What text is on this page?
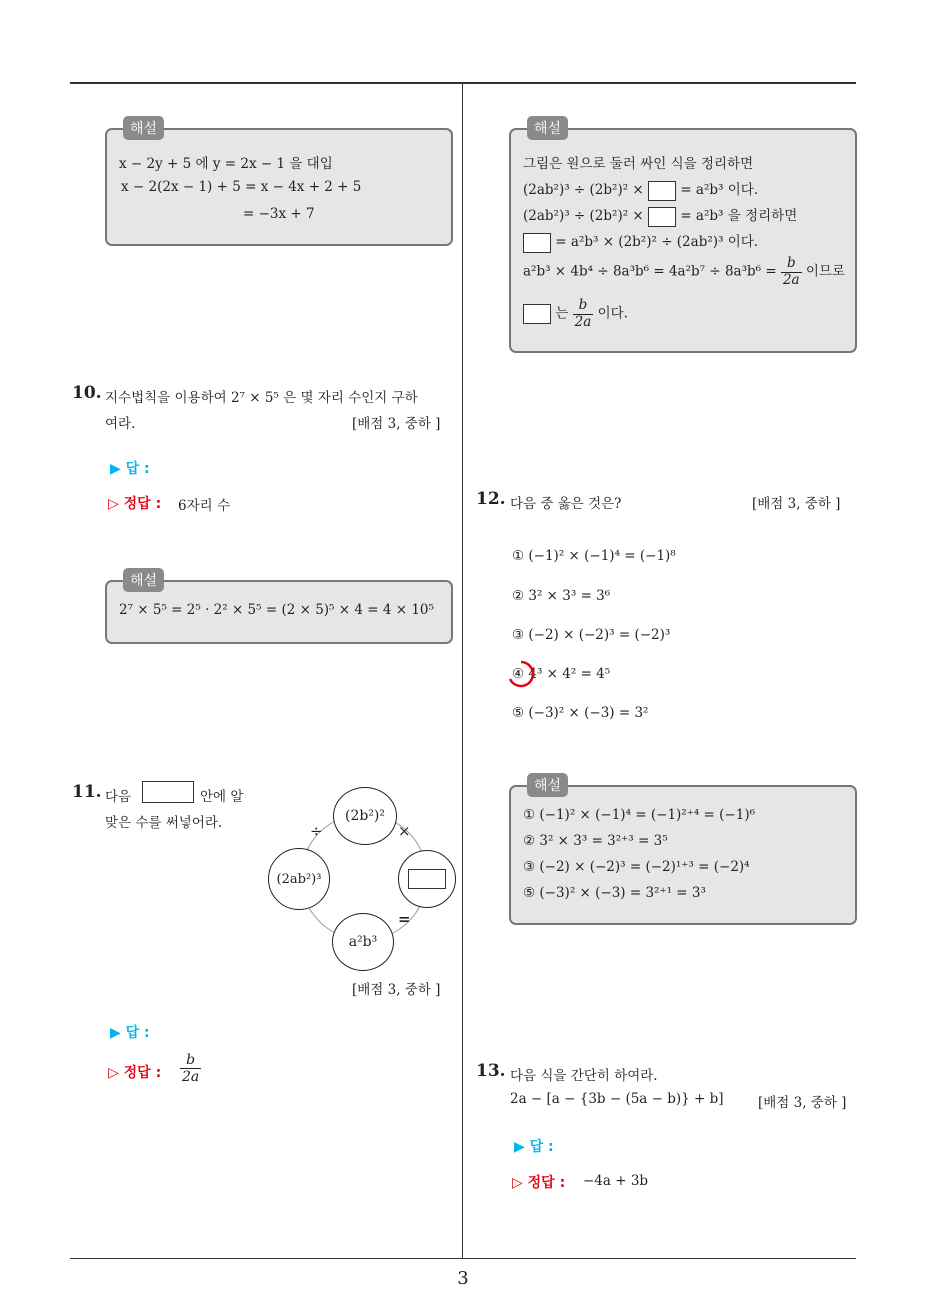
3
해설
x − 2y + 5 에 y = 2x − 1 을 대입
x − 2(2x − 1) + 5 = x − 4x + 2 + 5
= −3x + 7
10. 지수법칙을 이용하여 2⁷ × 5⁵ 은 몇 자리 수인지 구하
여라.	[배점 3, 중하 ]
▶ 답 :
▷ 정답 : 6자리 수
해설
2⁷ × 5⁵ = 2⁵ · 2² × 5⁵ = (2 × 5)⁵ × 4 = 4 × 10⁵
11. 다음	안에 알
맞은 수를 써넣어라.	(2b²)²
(2ab²)³
a²b³
÷	×
=
[배점 3, 중하 ]
▶ 답 :
▷ 정답 : $\frac{b}{2a}$
해설
그림은 원으로 둘러 싸인 식을 정리하면
(2ab²)³ ÷ (2b²)² ×	= a²b³ 이다.
(2ab²)³ ÷ (2b²)² ×	= a²b³ 을 정리하면
= a²b³ × (2b²)² ÷ (2ab²)³ 이다.
$a^2b^3 \times 4b^4 \div 8a^3b^6 = 4a^2b^7 \div 8a^3b^6 = \frac{b}{2a}$ 이므로
는 $\frac{b}{2a}$ 이다.
12. 다음 중 옳은 것은?	[배점 3, 중하 ]
① (−1)² × (−1)⁴ = (−1)⁸
② 3² × 3³ = 3⁶
③ (−2) × (−2)³ = (−2)³
④ 4³ × 4² = 4⁵
⑤ (−3)² × (−3) = 3²
해설
① (−1)² × (−1)⁴ = (−1)²⁺⁴ = (−1)⁶
② 3² × 3³ = 3²⁺³ = 3⁵
③ (−2) × (−2)³ = (−2)¹⁺³ = (−2)⁴
⑤ (−3)² × (−3) = 3²⁺¹ = 3³
13. 다음 식을 간단히 하여라.
2a − [a − {3b − (5a − b)} + b]	[배점 3, 중하 ]
▶ 답 :
▷ 정답 : −4a + 3b
